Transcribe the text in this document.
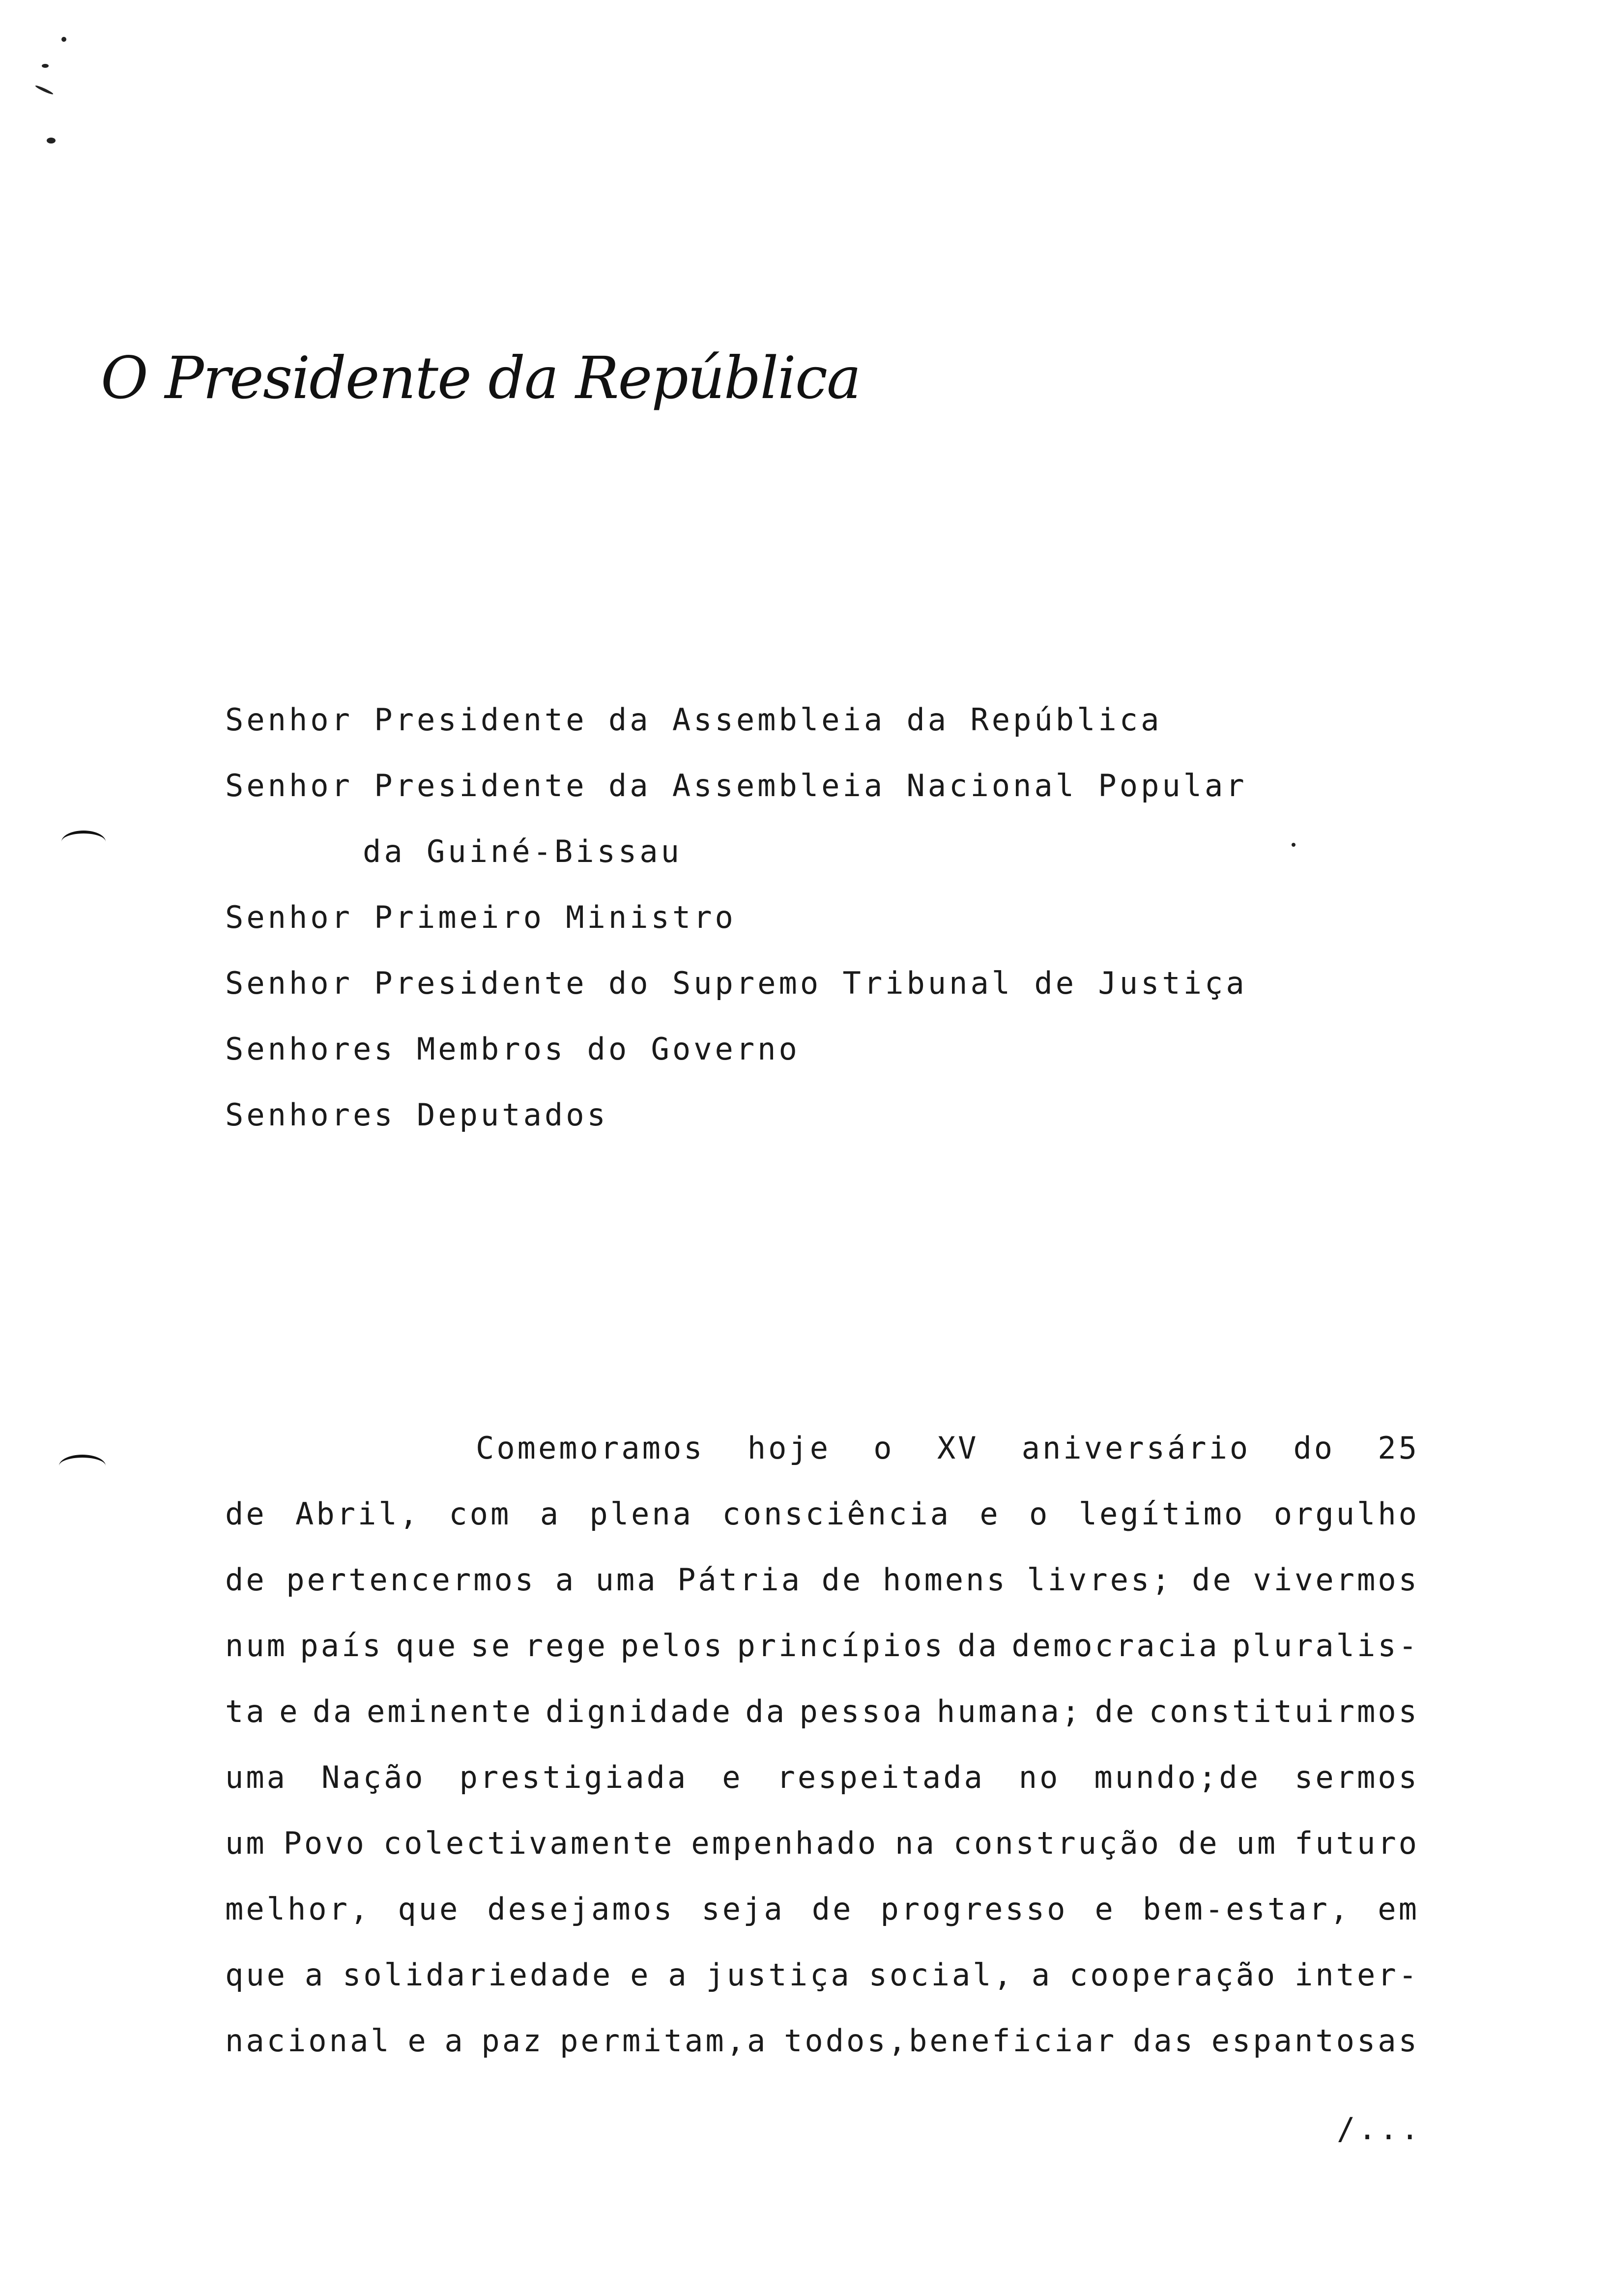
O Presidente da República
Senhor Presidente da Assembleia da República
Senhor Presidente da Assembleia Nacional Popular
da Guiné-Bissau
Senhor Primeiro Ministro
Senhor Presidente do Supremo Tribunal de Justiça
Senhores Membros do Governo
Senhores Deputados
Comemoramos hoje o XV aniversário do 25
de Abril, com a plena consciência e o legítimo orgulho
de pertencermos a uma Pátria de homens livres; de vivermos
num país que se rege pelos princípios da democracia pluralis-
ta e da eminente dignidade da pessoa humana; de constituirmos
uma Nação prestigiada e respeitada no mundo;de sermos
um Povo colectivamente empenhado na construção de um futuro
melhor, que desejamos seja de progresso e bem-estar, em
que a solidariedade e a justiça social, a cooperação inter-
nacional e a paz permitam,a todos,beneficiar das espantosas
/...
